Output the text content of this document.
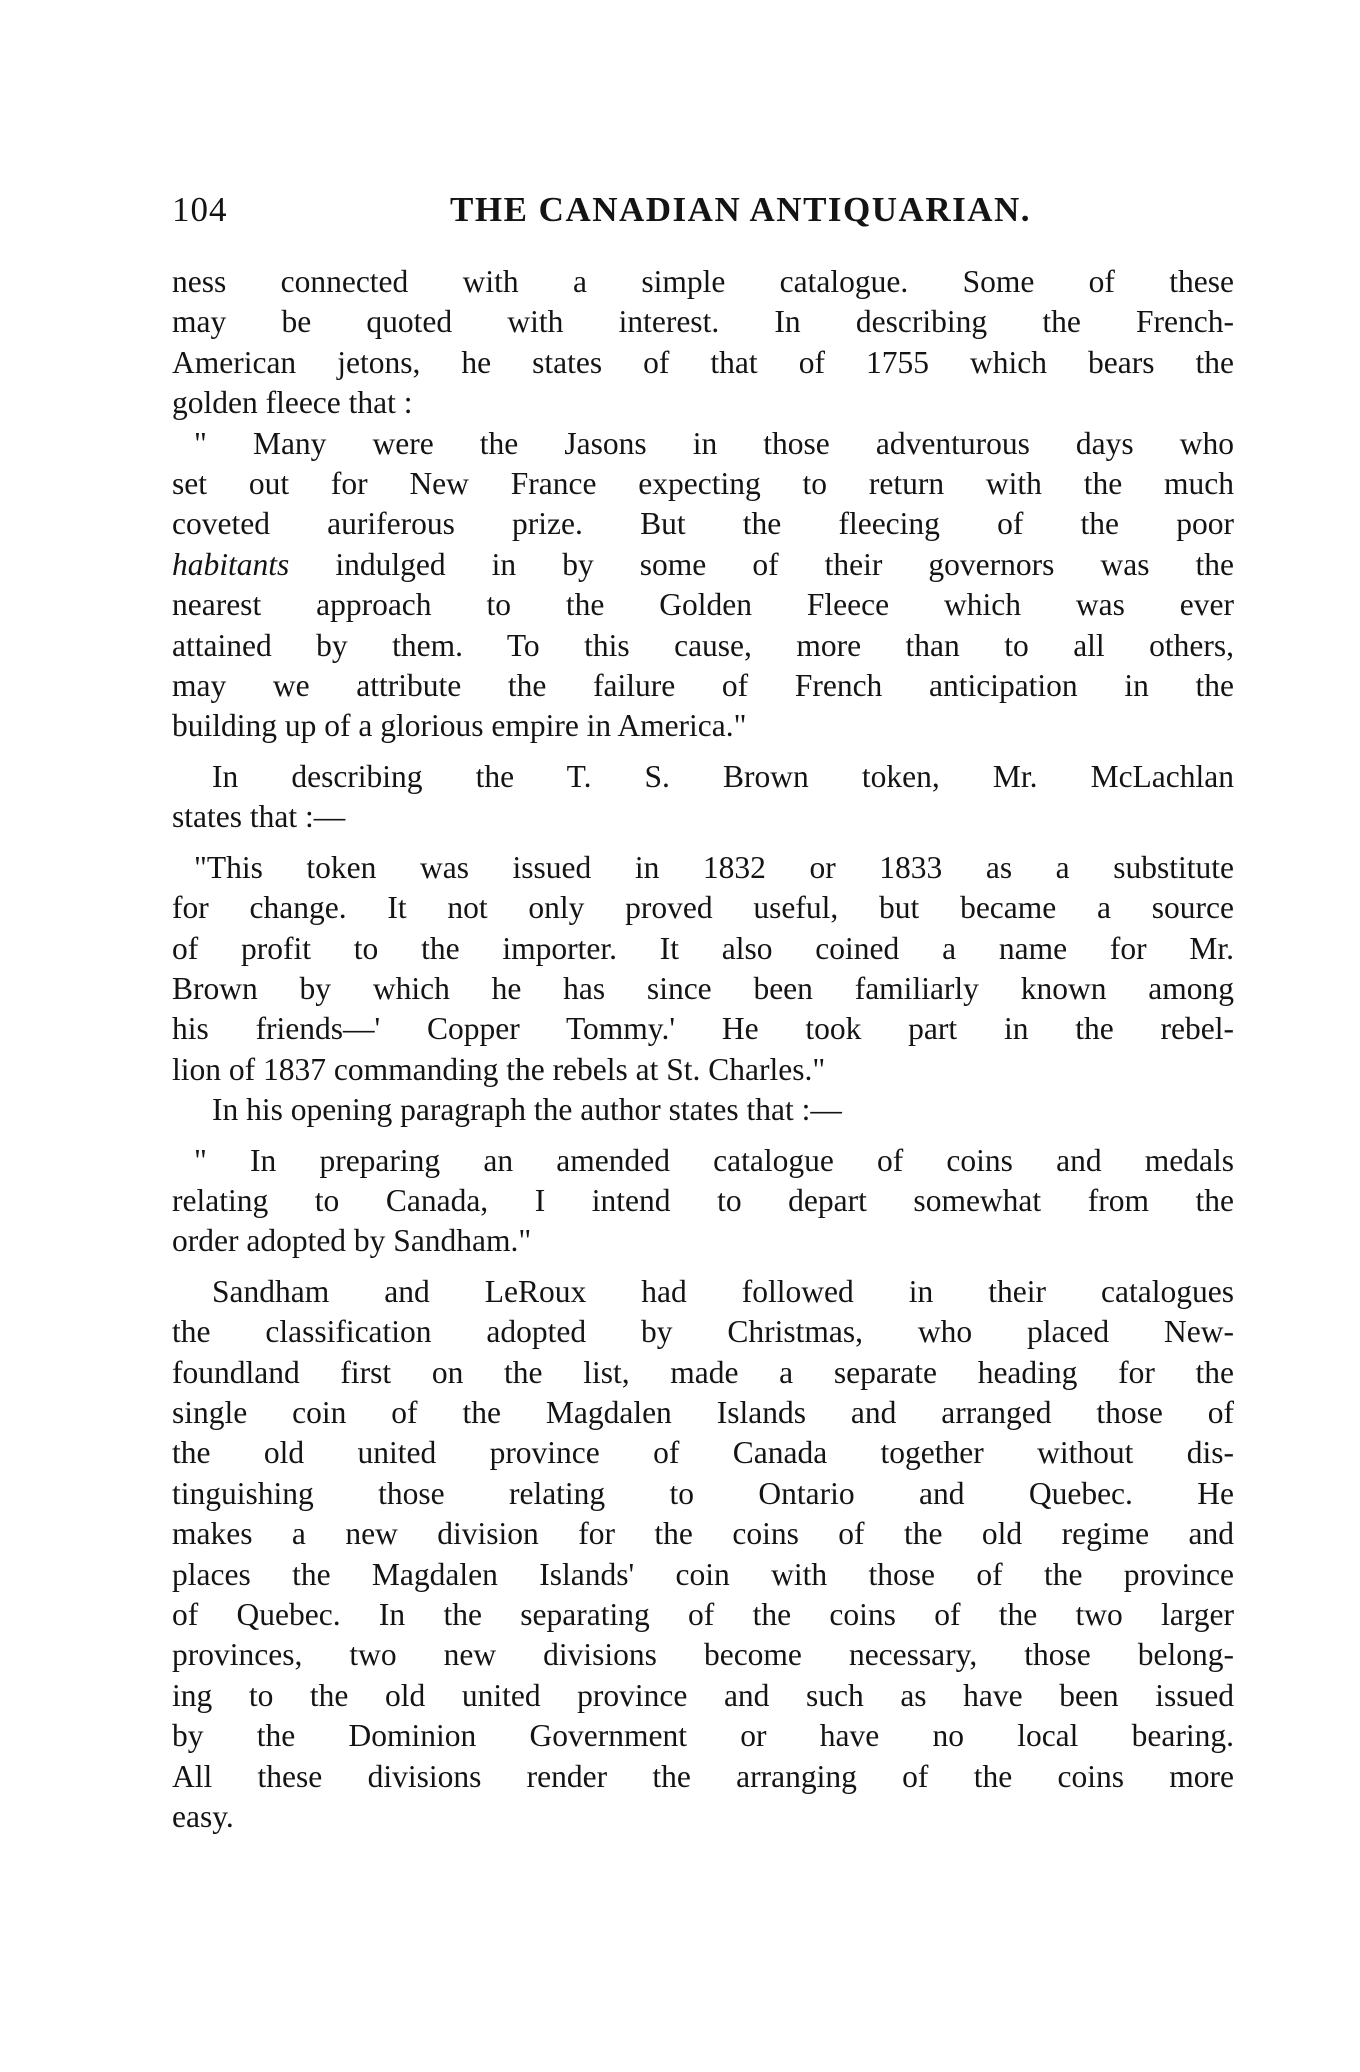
104	THE CANADIAN ANTIQUARIAN.
ness connected with a simple catalogue. Some of these
may be quoted with interest. In describing the French-
American jetons, he states of that of 1755 which bears the
golden fleece that :
" Many were the Jasons in those adventurous days who
set out for New France expecting to return with the much
coveted auriferous prize. But the fleecing of the poor
habitants indulged in by some of their governors was the
nearest approach to the Golden Fleece which was ever
attained by them. To this cause, more than to all others,
may we attribute the failure of French anticipation in the
building up of a glorious empire in America."
In describing the T. S. Brown token, Mr. McLachlan
states that :—
"This token was issued in 1832 or 1833 as a substitute
for change. It not only proved useful, but became a source
of profit to the importer. It also coined a name for Mr.
Brown by which he has since been familiarly known among
his friends—' Copper Tommy.' He took part in the rebel-
lion of 1837 commanding the rebels at St. Charles."
In his opening paragraph the author states that :—
" In preparing an amended catalogue of coins and medals
relating to Canada, I intend to depart somewhat from the
order adopted by Sandham."
Sandham and LeRoux had followed in their catalogues
the classification adopted by Christmas, who placed New-
foundland first on the list, made a separate heading for the
single coin of the Magdalen Islands and arranged those of
the old united province of Canada together without dis-
tinguishing those relating to Ontario and Quebec. He
makes a new division for the coins of the old regime and
places the Magdalen Islands' coin with those of the province
of Quebec. In the separating of the coins of the two larger
provinces, two new divisions become necessary, those belong-
ing to the old united province and such as have been issued
by the Dominion Government or have no local bearing.
All these divisions render the arranging of the coins more
easy.
